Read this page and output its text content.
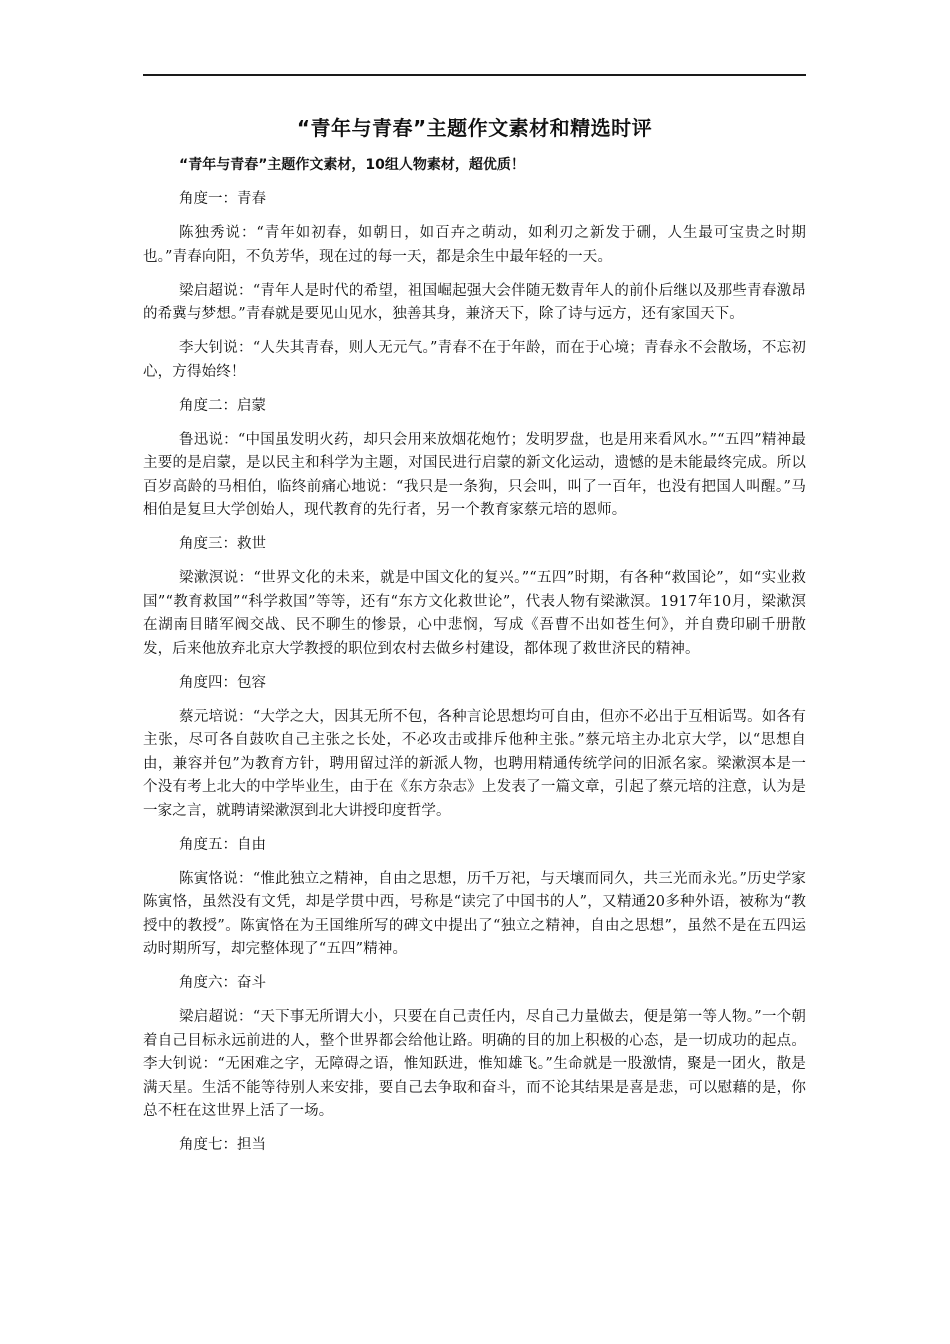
“青年与青春”主题作文素材和精选时评
“青年与青春”主题作文素材，10组人物素材，超优质！

角度一：青春

陈独秀说：“青年如初春，如朝日，如百卉之萌动，如利刃之新发于硎，人生最可宝贵之时期也。”青春向阳，不负芳华，现在过的每一天，都是余生中最年轻的一天。

梁启超说：“青年人是时代的希望，祖国崛起强大会伴随无数青年人的前仆后继以及那些青春激昂的希冀与梦想。”青春就是要见山见水，独善其身，兼济天下，除了诗与远方，还有家国天下。

李大钊说：“人失其青春，则人无元气。”青春不在于年龄，而在于心境；青春永不会散场，不忘初心，方得始终！

角度二：启蒙

鲁迅说：“中国虽发明火药，却只会用来放烟花炮竹；发明罗盘，也是用来看风水。”“五四”精神最主要的是启蒙，是以民主和科学为主题，对国民进行启蒙的新文化运动，遗憾的是未能最终完成。所以百岁高龄的马相伯，临终前痛心地说：“我只是一条狗，只会叫，叫了一百年，也没有把国人叫醒。”马相伯是复旦大学创始人，现代教育的先行者，另一个教育家蔡元培的恩师。

角度三：救世

梁漱溟说：“世界文化的未来，就是中国文化的复兴。”“五四”时期，有各种“救国论”，如“实业救国”“教育救国”“科学救国”等等，还有“东方文化救世论”，代表人物有梁漱溟。1917年10月，梁漱溟在湖南目睹军阀交战、民不聊生的惨景，心中悲悯，写成《吾曹不出如苍生何》，并自费印刷千册散发，后来他放弃北京大学教授的职位到农村去做乡村建设，都体现了救世济民的精神。

角度四：包容

蔡元培说：“大学之大，因其无所不包，各种言论思想均可自由，但亦不必出于互相诟骂。如各有主张，尽可各自鼓吹自己主张之长处，不必攻击或排斥他种主张。”蔡元培主办北京大学，以“思想自由，兼容并包”为教育方针，聘用留过洋的新派人物，也聘用精通传统学问的旧派名家。梁漱溟本是一个没有考上北大的中学毕业生，由于在《东方杂志》上发表了一篇文章，引起了蔡元培的注意，认为是一家之言，就聘请梁漱溟到北大讲授印度哲学。

角度五：自由

陈寅恪说：“惟此独立之精神，自由之思想，历千万祀，与天壤而同久，共三光而永光。”历史学家陈寅恪，虽然没有文凭，却是学贯中西，号称是“读完了中国书的人”，又精通20多种外语，被称为“教授中的教授”。陈寅恪在为王国维所写的碑文中提出了“独立之精神，自由之思想”，虽然不是在五四运动时期所写，却完整体现了“五四”精神。

角度六：奋斗

梁启超说：“天下事无所谓大小，只要在自己责任内，尽自己力量做去，便是第一等人物。”一个朝着自己目标永远前进的人，整个世界都会给他让路。明确的目的加上积极的心态，是一切成功的起点。李大钊说：“无困难之字，无障碍之语，惟知跃进，惟知雄飞。”生命就是一股激情，聚是一团火，散是满天星。生活不能等待别人来安排，要自己去争取和奋斗，而不论其结果是喜是悲，可以慰藉的是，你总不枉在这世界上活了一场。

角度七：担当
